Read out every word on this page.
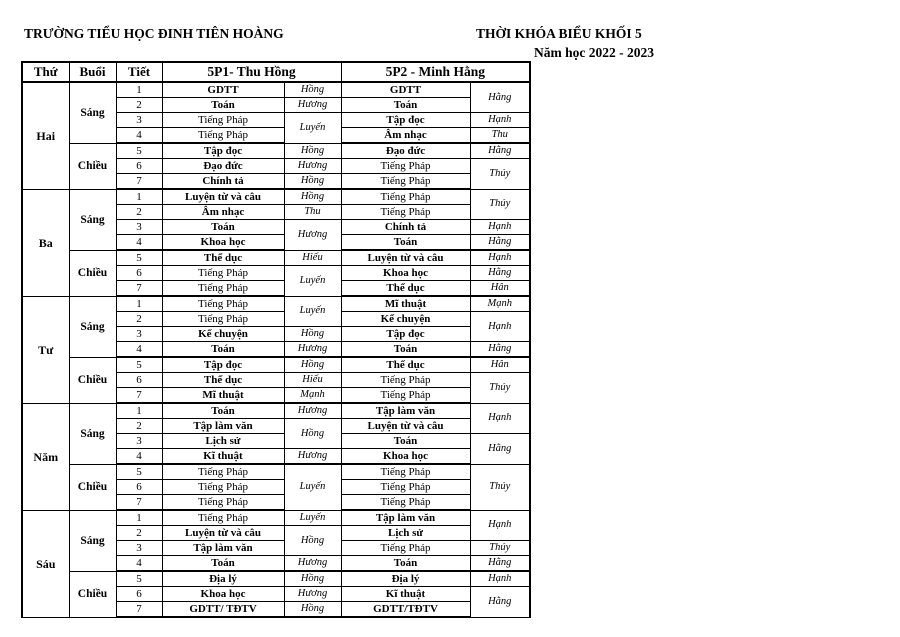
TRƯỜNG TIỂU HỌC ĐINH TIÊN HOÀNG	THỜI KHÓA BIỂU KHỐI 5
Năm học 2022 - 2023
Thứ	Buổi	Tiết	5P1- Thu Hồng		5P2 - Minh Hằng	
Hai	Sáng	1	GDTT	Hồng	GDTT	Hằng
		2	Toán	Hương	Toán	
		3	Tiếng Pháp	Luyến	Tập đọc	Hạnh
		4	Tiếng Pháp		Âm nhạc	Thu
	Chiều	5	Tập đọc	Hồng	Đạo đức	Hằng
		6	Đạo đức	Hương	Tiếng Pháp	Thúy
		7	Chính tả	Hồng	Tiếng Pháp	
Ba	Sáng	1	Luyện từ và câu	Hồng	Tiếng Pháp	Thúy
		2	Âm nhạc	Thu	Tiếng Pháp	
		3	Toán	Hương	Chính tả	Hạnh
		4	Khoa học		Toán	Hằng
	Chiều	5	Thể dục	Hiếu	Luyện từ và câu	Hạnh
		6	Tiếng Pháp	Luyến	Khoa học	Hằng
		7	Tiếng Pháp		Thể dục	Hân
Tư	Sáng	1	Tiếng Pháp	Luyến	Mĩ thuật	Mạnh
		2	Tiếng Pháp		Kể chuyện	Hạnh
		3	Kể chuyện	Hồng	Tập đọc	
		4	Toán	Hương	Toán	Hằng
	Chiều	5	Tập đọc	Hồng	Thể dục	Hân
		6	Thể dục	Hiếu	Tiếng Pháp	Thúy
		7	Mĩ thuật	Mạnh	Tiếng Pháp	
Năm	Sáng	1	Toán	Hương	Tập làm văn	Hạnh
		2	Tập làm văn	Hồng	Luyện từ và câu	
		3	Lịch sử		Toán	Hằng
		4	Kĩ thuật	Hương	Khoa học	
	Chiều	5	Tiếng Pháp	Luyến	Tiếng Pháp	Thúy
		6	Tiếng Pháp		Tiếng Pháp	
		7	Tiếng Pháp		Tiếng Pháp	
Sáu	Sáng	1	Tiếng Pháp	Luyến	Tập làm văn	Hạnh
		2	Luyện từ và câu	Hồng	Lịch sử	
		3	Tập làm văn		Tiếng Pháp	Thúy
		4	Toán	Hương	Toán	Hằng
	Chiều	5	Địa lý	Hồng	Địa lý	Hạnh
		6	Khoa học	Hương	Kĩ thuật	Hằng
		7	GDTT/ TĐTV	Hồng	GDTT/TĐTV	
